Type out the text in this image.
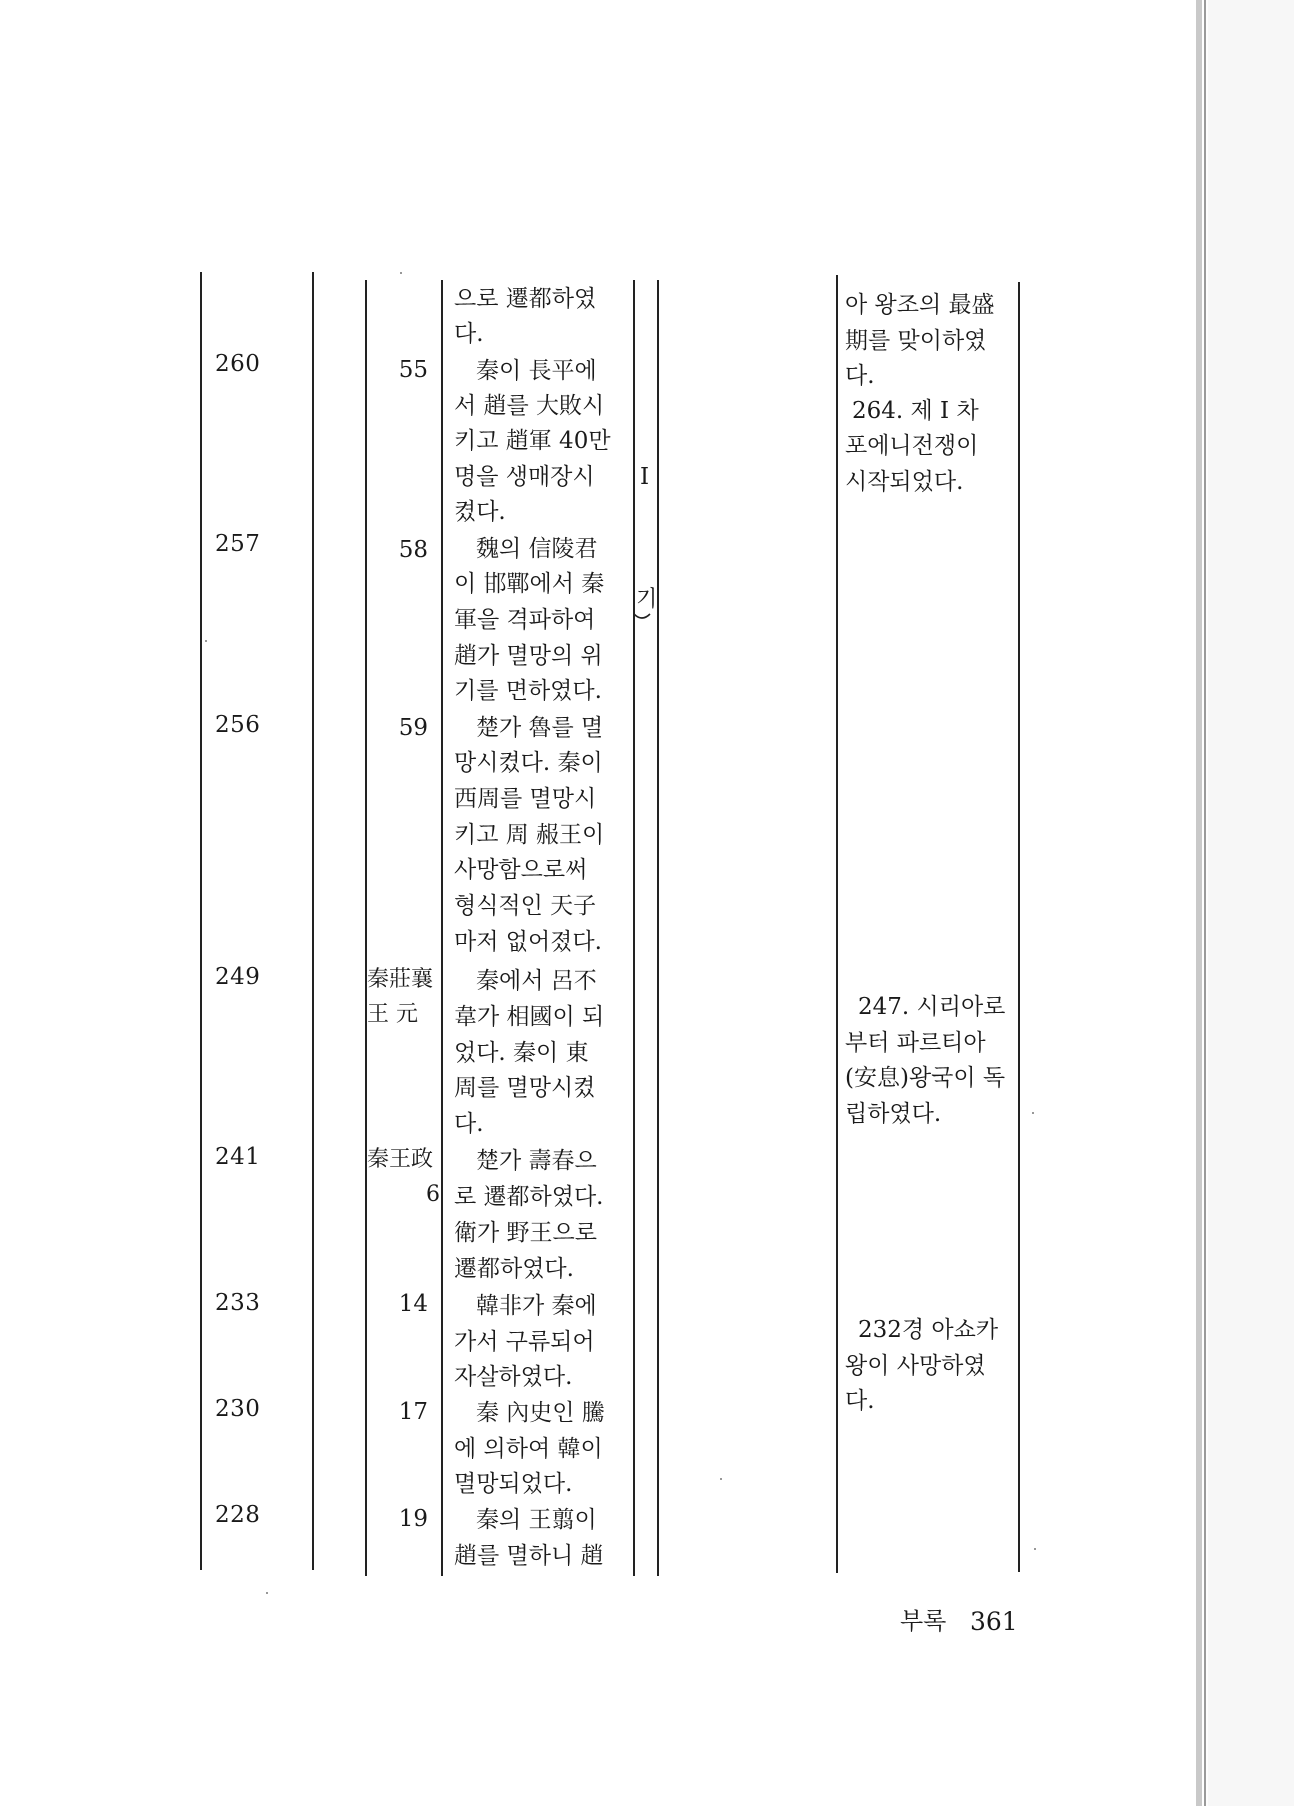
260
257
256
249
241
233
230
228
秦莊襄
王 元
秦王政
6
55
58
59
14
17
19
으로 遷都하였
다.
秦이 長平에
서 趙를 大敗시
키고 趙軍 40만
명을 생매장시
켰다.
魏의 信陵君
이 邯鄲에서 秦
軍을 격파하여
趙가 멸망의 위
기를 면하였다.
楚가 魯를 멸
망시켰다. 秦이
西周를 멸망시
키고 周 赧王이
사망함으로써
형식적인 天子
마저 없어졌다.
秦에서 呂不
韋가 相國이 되
었다. 秦이 東
周를 멸망시켰
다.
楚가 壽春으
로 遷都하였다.
衛가 野王으로
遷都하였다.
韓非가 秦에
가서 구류되어
자살하였다.
秦 內史인 騰
에 의하여 韓이
멸망되었다.
秦의 王翦이
趙를 멸하니 趙
I
기
아 왕조의 最盛
期를 맞이하였
다.
264. 제 I 차
포에니전쟁이
시작되었다.
247. 시리아로
부터 파르티아
(安息)왕국이 독
립하였다.
232경 아쇼카
왕이 사망하였
다.
부록 361
